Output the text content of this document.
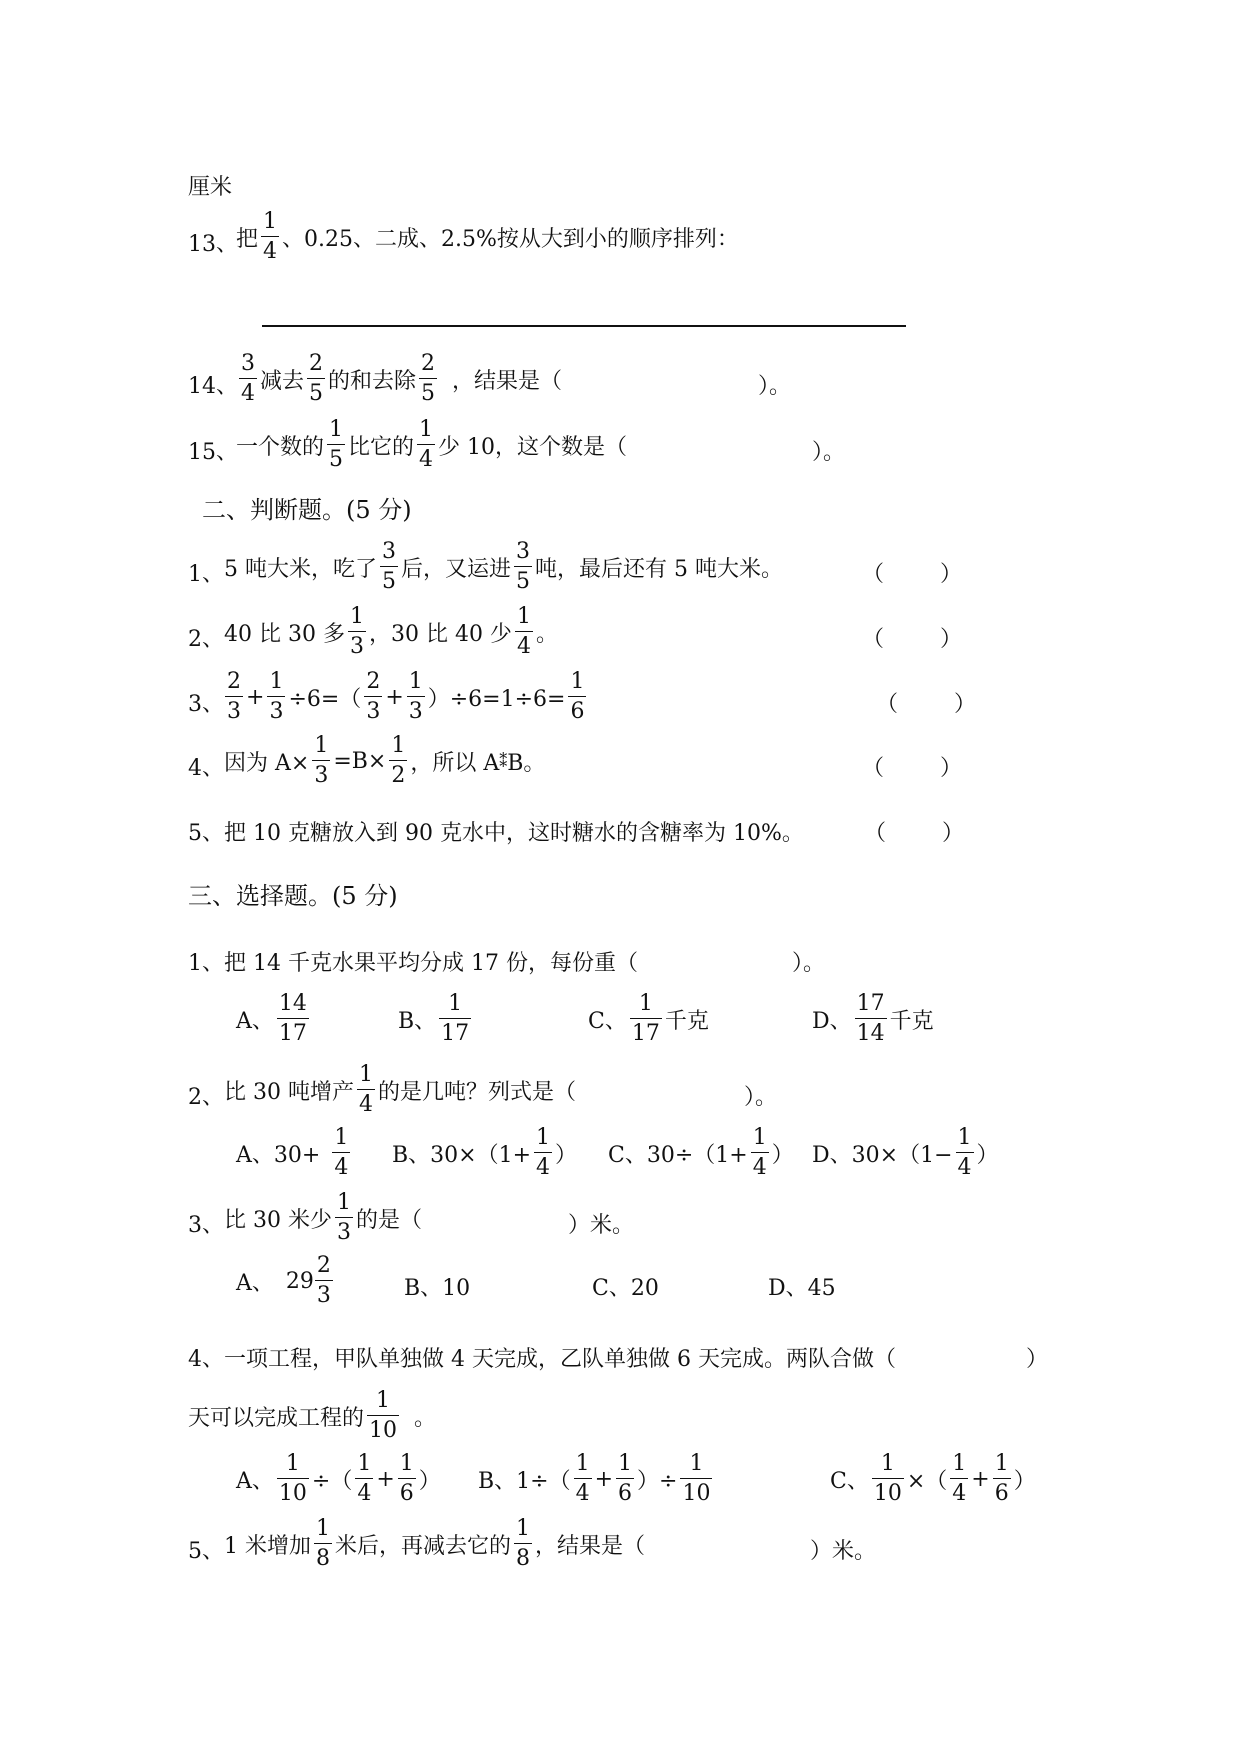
厘米
13、
把 $\frac{1}{4}$ 、0.25、二成、2.5%按从大到小的顺序排列：
14、 $\frac{3}{4}$ 减去 $\frac{2}{5}$ 的和去除 $\frac{2}{5}$ ，结果是（	）。
15、
一个数的 $\frac{1}{5}$ 比它的 $\frac{1}{4}$ 少 10，这个数是（	）。
二、判断题。(5 分)
1、 5 吨大米，吃了 $\frac{3}{5}$ 后，又运进 $\frac{3}{5}$ 吨，最后还有 5 吨大米。	（        ）
2、 40 比 30 多 $\frac{1}{3}$ ，30 比 40 少 $\frac{1}{4}$ 。	（        ）
3、 $\frac{2}{3} + \frac{1}{3} \div 6=( \frac{2}{3} + \frac{1}{3} )\div 6=1\div 6= \frac{1}{6}$	（        ）
4、 因为 $A\times \frac{1}{3} =B\times \frac{1}{2}$ ，所以 A ⁑ B。	（        ）
5、 把 10 克糖放入到 90 克水中，这时糖水的含糖率为 10%。	（        ）
三、选择题。(5 分)
1、 把 14 千克水果平均分成 17 份，每份重（	）。
A、 $\frac{14}{17}$	B、 $\frac{1}{17}$	C、 $\frac{1}{17}$ 千克	D、 $\frac{17}{14}$ 千克
2、 比 30 吨增产 $\frac{1}{4}$ 的是几吨？列式是（	）。
A、$30+ \frac{1}{4}$ B、$30\times(1+ \frac{1}{4}$ ） C、$30\div(1+ \frac{1}{4}$ ） D、$30\times(1- \frac{1}{4}$ ）
3、 比 30 米少 $\frac{1}{3}$ 的是（	）米。
A、 $29 \frac{2}{3}$	B、10	C、20	D、45
4、 一项工程，甲队单独做 4 天完成，乙队单独做 6 天完成。两队合做（	）
天可以完成工程的 $\frac{1}{10}$ 。
A、 $\frac{1}{10}$ ÷（ $\frac{1}{4} + \frac{1}{6}$ ） B、$1\div( \frac{1}{4} + \frac{1}{6}$ ）÷ $\frac{1}{10}$	C、 $\frac{1}{10}$ ×（ $\frac{1}{4} + \frac{1}{6}$ ）
5、 1 米增加 $\frac{1}{8}$ 米后，再减去它的 $\frac{1}{8}$ ，结果是（	）米。
